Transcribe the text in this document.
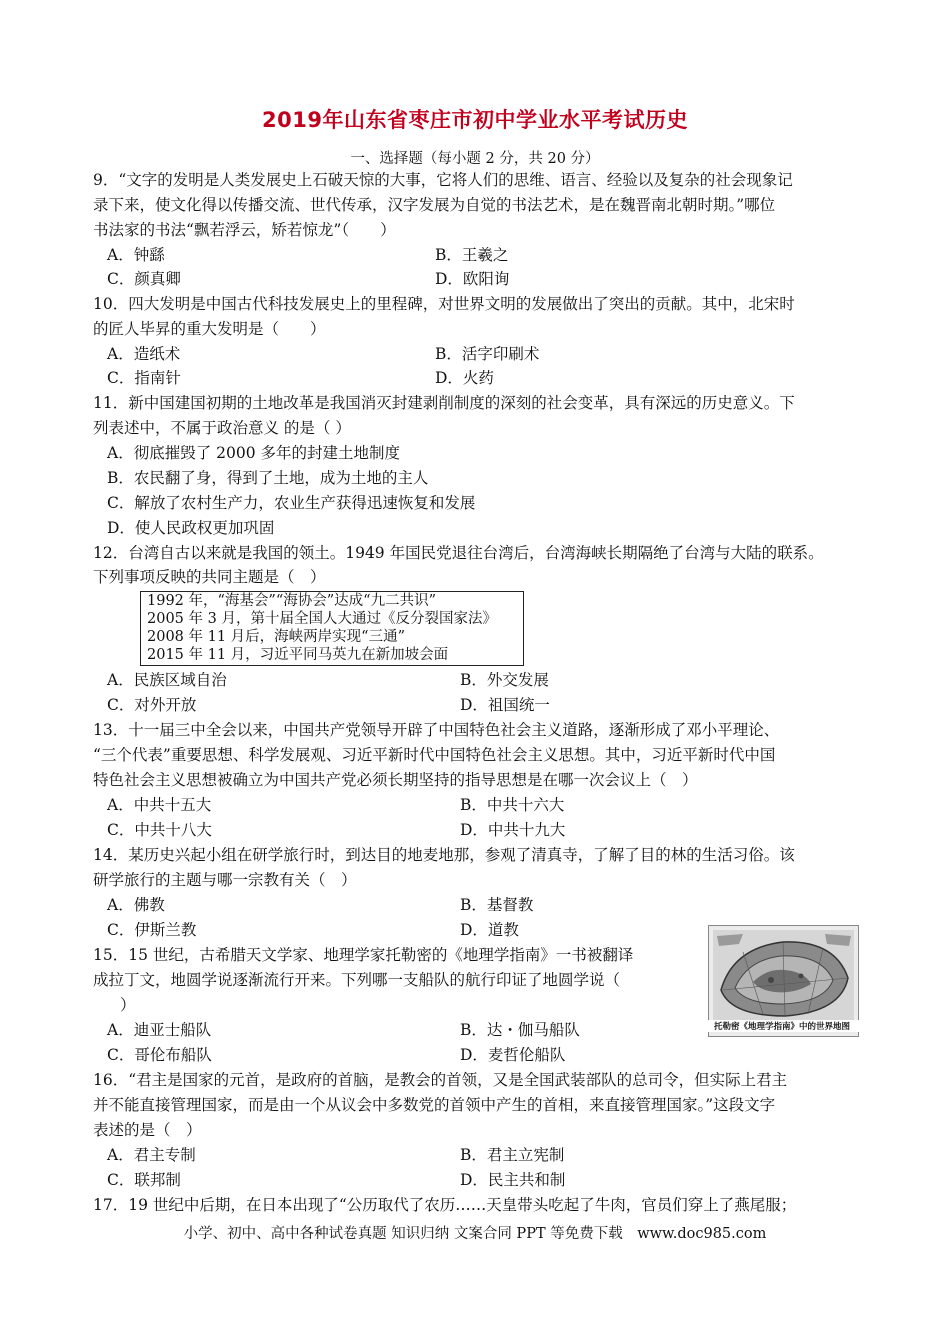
2019年山东省枣庄市初中学业水平考试历史
一、选择题（每小题 2 分，共 20 分）
9．“文字的发明是人类发展史上石破天惊的大事，它将人们的思维、语言、经验以及复杂的社会现象记
录下来，使文化得以传播交流、世代传承，汉字发展为自觉的书法艺术，是在魏晋南北朝时期。”哪位
书法家的书法“飘若浮云，矫若惊龙”（　　）
A．钟繇	B．王羲之
C．颜真卿	D．欧阳询
10．四大发明是中国古代科技发展史上的里程碑，对世界文明的发展做出了突出的贡献。其中，北宋时
的匠人毕昇的重大发明是（　　）
A．造纸术	B．活字印刷术
C．指南针	D．火药
11．新中国建国初期的土地改革是我国消灭封建剥削制度的深刻的社会变革，具有深远的历史意义。下
列表述中，不属于政治意义 的是（ ）
A．彻底摧毁了 2000 多年的封建土地制度
B．农民翻了身，得到了土地，成为土地的主人
C．解放了农村生产力，农业生产获得迅速恢复和发展
D．使人民政权更加巩固
12．台湾自古以来就是我国的领土。1949 年国民党退往台湾后，台湾海峡长期隔绝了台湾与大陆的联系。
下列事项反映的共同主题是（　）
1992 年，“海基会”“海协会”达成“九二共识”
2005 年 3 月，第十届全国人大通过《反分裂国家法》
2008 年 11 月后，海峡两岸实现“三通”
2015 年 11 月，习近平同马英九在新加坡会面
A．民族区域自治	B．外交发展
C．对外开放	D．祖国统一
13．十一届三中全会以来，中国共产党领导开辟了中国特色社会主义道路，逐渐形成了邓小平理论、
“三个代表”重要思想、科学发展观、习近平新时代中国特色社会主义思想。其中，习近平新时代中国
特色社会主义思想被确立为中国共产党必须长期坚持的指导思想是在哪一次会议上（　）
A．中共十五大	B．中共十六大
C．中共十八大	D．中共十九大
14．某历史兴起小组在研学旅行时，到达目的地麦地那，参观了清真寺，了解了目的林的生活习俗。该
研学旅行的主题与哪一宗教有关（　）
A．佛教	B．基督教
C．伊斯兰教	D．道教
15．15 世纪，古希腊天文学家、地理学家托勒密的《地理学指南》一书被翻译
成拉丁文，地圆学说逐渐流行开来。下列哪一支船队的航行印证了地圆学说（
）
A．迪亚士船队	B．达・伽马船队
C．哥伦布船队	D．麦哲伦船队
托勒密《地理学指南》中的世界地图
16．“君主是国家的元首，是政府的首脑，是教会的首领，又是全国武装部队的总司令，但实际上君主
并不能直接管理国家，而是由一个从议会中多数党的首领中产生的首相，来直接管理国家。”这段文字
表述的是（　）
A．君主专制	B．君主立宪制
C．联邦制	D．民主共和制
17．19 世纪中后期，在日本出现了“公历取代了农历……天皇带头吃起了牛肉，官员们穿上了燕尾服；
小学、初中、高中各种试卷真题 知识归纳 文案合同 PPT 等免费下载　www.doc985.com
